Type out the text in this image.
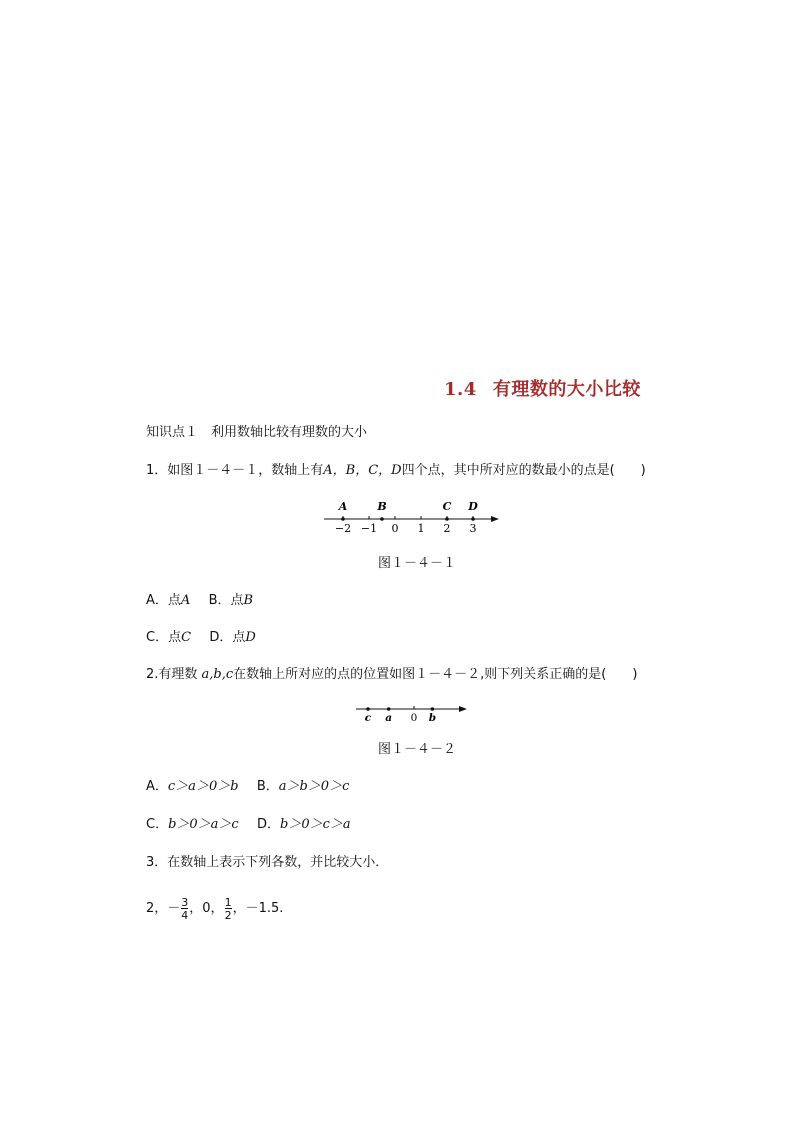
1.4 有理数的大小比较
知识点１　利用数轴比较有理数的大小
1．如图１－４－１，数轴上有A，B，C，D四个点，其中所对应的数最小的点是(　　)
−2 −1 0 1 2 3
A	B	C D
图１－４－１
A．点A B．点B
C．点C D．点D
2.有理数 a,b,c在数轴上所对应的点的位置如图１－４－２,则下列关系正确的是(　　)
0
c a	b
图１－４－２
A．c＞a＞0＞b B．a＞b＞0＞c
C．b＞0＞a＞c D．b＞0＞c＞a
3．在数轴上表示下列各数，并比较大小．
2，－ $\frac{3}{4}$ ，0， $\frac{1}{2}$ ，－1.5.
